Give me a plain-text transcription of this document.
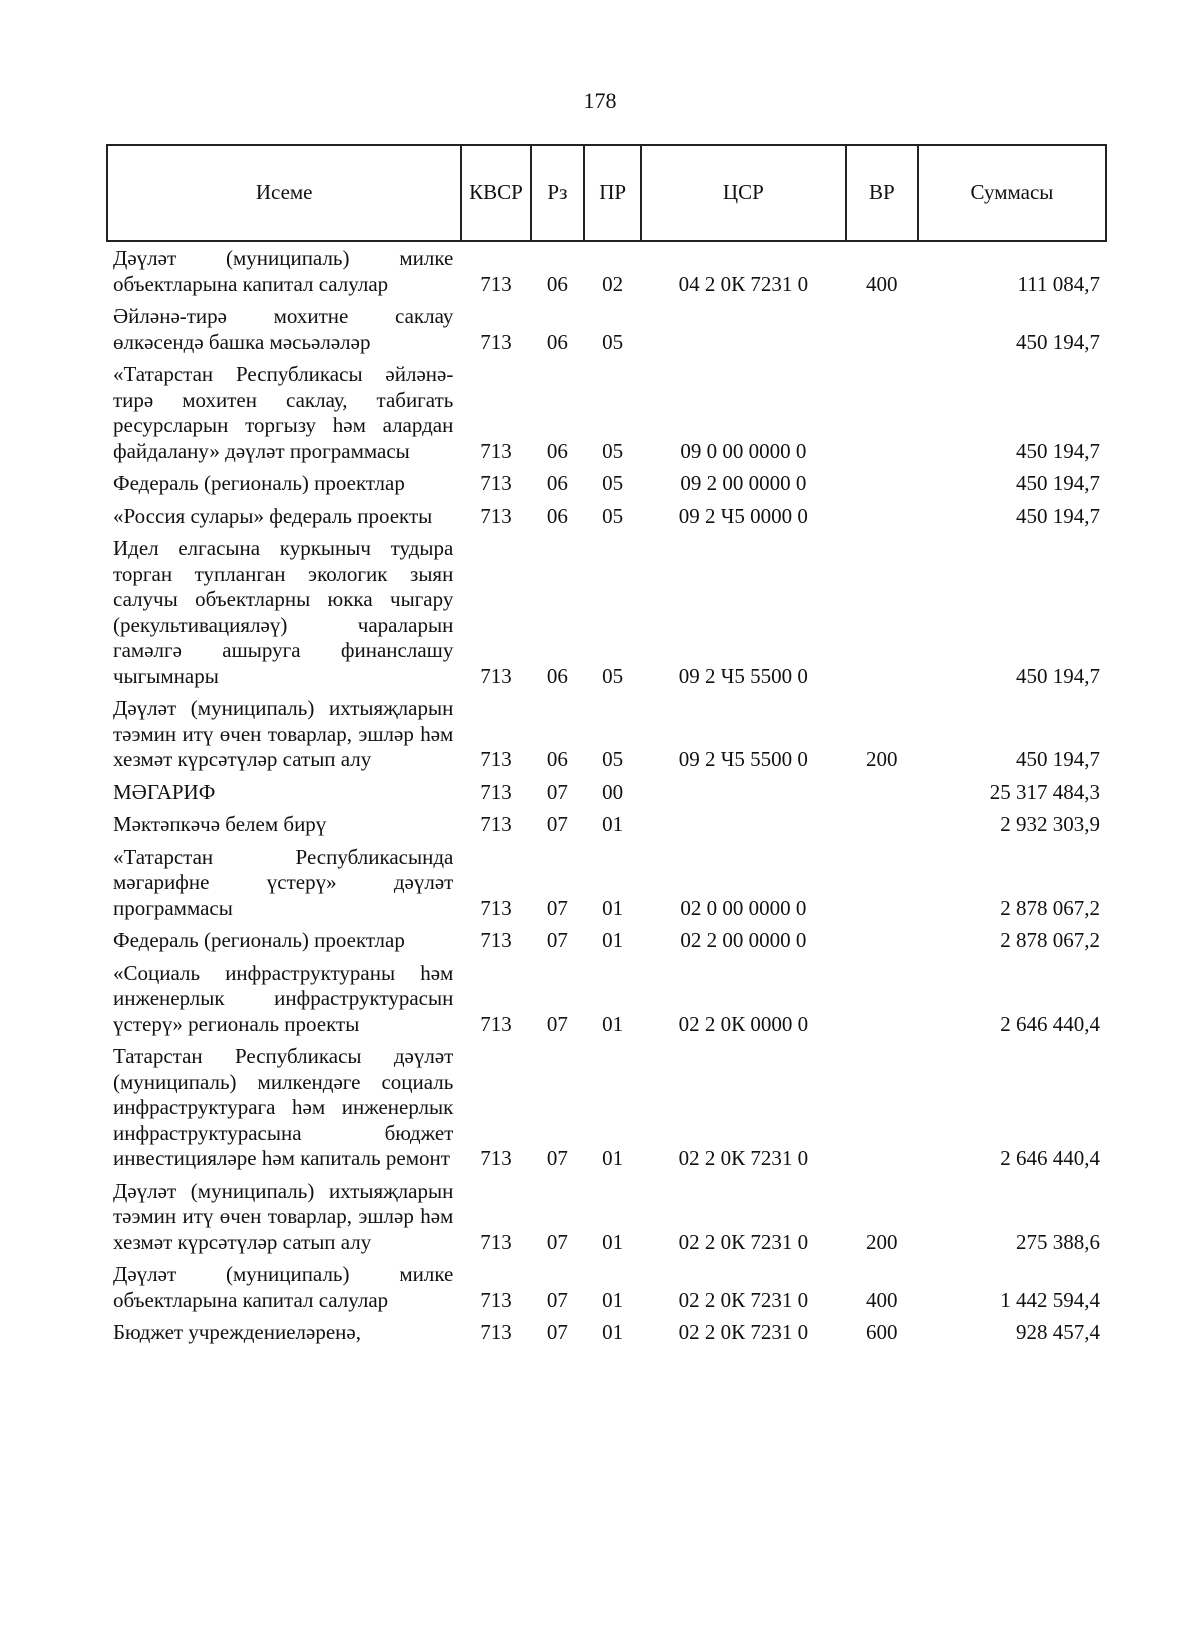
178
Исеме	КВСР	Рз	ПР	ЦСР	ВР	Суммасы
Дәүләт (муниципаль) милке объектларына капитал салулар	713	06	02	04 2 0К 7231 0	400	111 084,7
Әйләнә-тирә мохитне саклау өлкәсендә башка мәсьәләләр	713	06	05			450 194,7
«Татарстан Республикасы әйләнә-тирә мохитен саклау, табигать ресурсларын торгызу һәм алардан файдалану» дәүләт программасы	713	06	05	09 0 00 0000 0		450 194,7
Федераль (региональ) проектлар	713	06	05	09 2 00 0000 0		450 194,7
«Россия сулары» федераль проекты	713	06	05	09 2 Ч5 0000 0		450 194,7
Идел елгасына куркыныч тудыра торган тупланган экологик зыян салучы объектларны юкка чыгару (рекультивацияләү) чараларын гамәлгә ашыруга финанслашу чыгымнары	713	06	05	09 2 Ч5 5500 0		450 194,7
Дәүләт (муниципаль) ихтыяҗларын тәэмин итү өчен товарлар, эшләр һәм хезмәт күрсәтүләр сатып алу	713	06	05	09 2 Ч5 5500 0	200	450 194,7
МӘГАРИФ	713	07	00			25 317 484,3
Мәктәпкәчә белем бирү	713	07	01			2 932 303,9
«Татарстан Республикасында мәгарифне үстерү» дәүләт программасы	713	07	01	02 0 00 0000 0		2 878 067,2
Федераль (региональ) проектлар	713	07	01	02 2 00 0000 0		2 878 067,2
«Социаль инфраструктураны һәм инженерлык инфраструктурасын үстерү» региональ проекты	713	07	01	02 2 0К 0000 0		2 646 440,4
Татарстан Республикасы дәүләт (муниципаль) милкендәге социаль инфраструктурага һәм инженерлык инфраструктурасына бюджет инвестицияләре һәм капиталь ремонт	713	07	01	02 2 0К 7231 0		2 646 440,4
Дәүләт (муниципаль) ихтыяҗларын тәэмин итү өчен товарлар, эшләр һәм хезмәт күрсәтүләр сатып алу	713	07	01	02 2 0К 7231 0	200	275 388,6
Дәүләт (муниципаль) милке объектларына капитал салулар	713	07	01	02 2 0К 7231 0	400	1 442 594,4
Бюджет учреждениеләренә,	713	07	01	02 2 0К 7231 0	600	928 457,4
